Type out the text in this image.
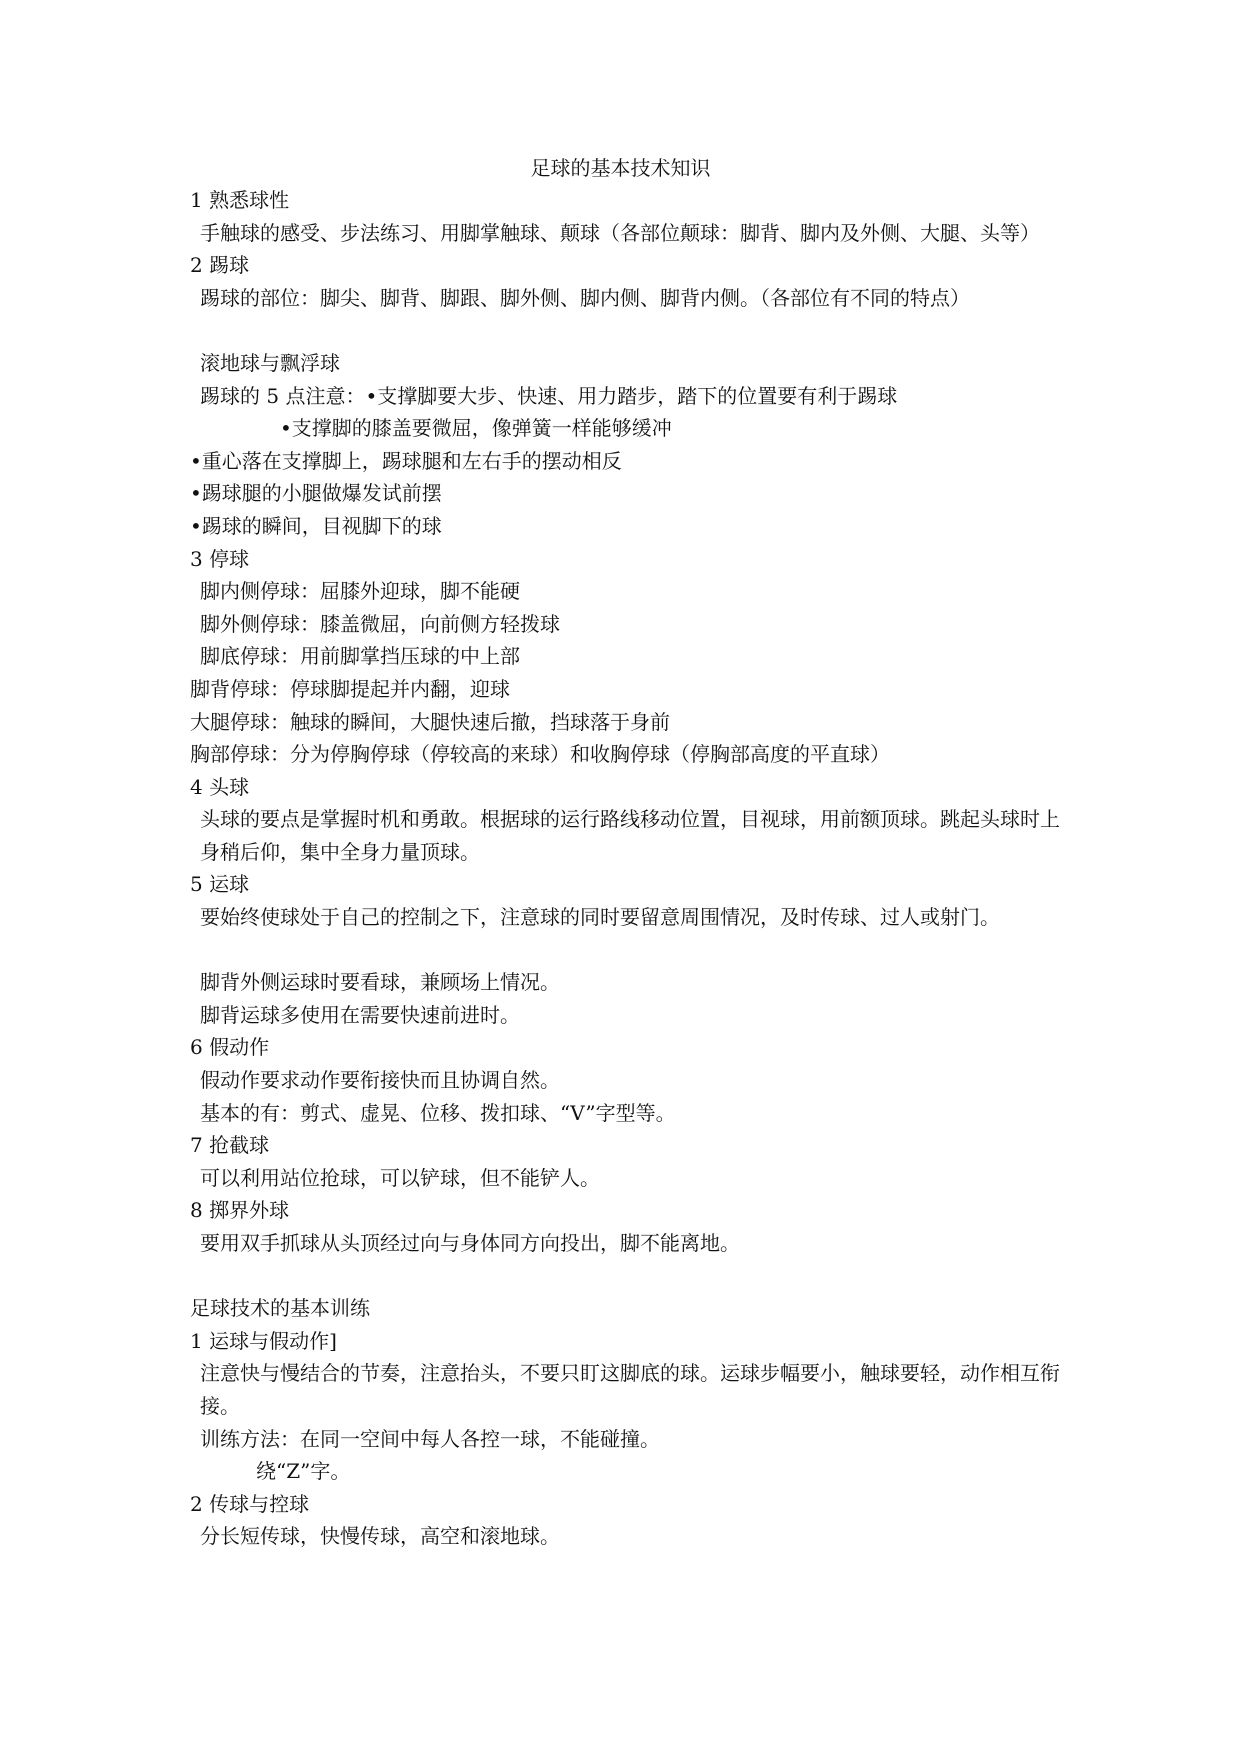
足球的基本技术知识
1 熟悉球性
手触球的感受、步法练习、用脚掌触球、颠球（各部位颠球：脚背、脚内及外侧、大腿、头等）
2 踢球
踢球的部位：脚尖、脚背、脚跟、脚外侧、脚内侧、脚背内侧。（各部位有不同的特点）
滚地球与飘浮球
踢球的 5 点注意：•支撑脚要大步、快速、用力踏步，踏下的位置要有利于踢球
•支撑脚的膝盖要微屈，像弹簧一样能够缓冲
•重心落在支撑脚上，踢球腿和左右手的摆动相反
•踢球腿的小腿做爆发试前摆
•踢球的瞬间，目视脚下的球
3 停球
脚内侧停球：屈膝外迎球，脚不能硬
脚外侧停球：膝盖微屈，向前侧方轻拨球
脚底停球：用前脚掌挡压球的中上部
脚背停球：停球脚提起并内翻，迎球
大腿停球：触球的瞬间，大腿快速后撤，挡球落于身前
胸部停球：分为停胸停球（停较高的来球）和收胸停球（停胸部高度的平直球）
4 头球
头球的要点是掌握时机和勇敢。根据球的运行路线移动位置，目视球，用前额顶球。跳起头球时上身稍后仰，集中全身力量顶球。
5 运球
要始终使球处于自己的控制之下，注意球的同时要留意周围情况，及时传球、过人或射门。
脚背外侧运球时要看球，兼顾场上情况。
脚背运球多使用在需要快速前进时。
6 假动作
假动作要求动作要衔接快而且协调自然。
基本的有：剪式、虚晃、位移、拨扣球、“V”字型等。
7 抢截球
可以利用站位抢球，可以铲球，但不能铲人。
8 掷界外球
要用双手抓球从头顶经过向与身体同方向投出，脚不能离地。
足球技术的基本训练
1 运球与假动作]
注意快与慢结合的节奏，注意抬头，不要只盯这脚底的球。运球步幅要小，触球要轻，动作相互衔接。
训练方法：在同一空间中每人各控一球，不能碰撞。
绕“Z”字。
2 传球与控球
分长短传球，快慢传球，高空和滚地球。
